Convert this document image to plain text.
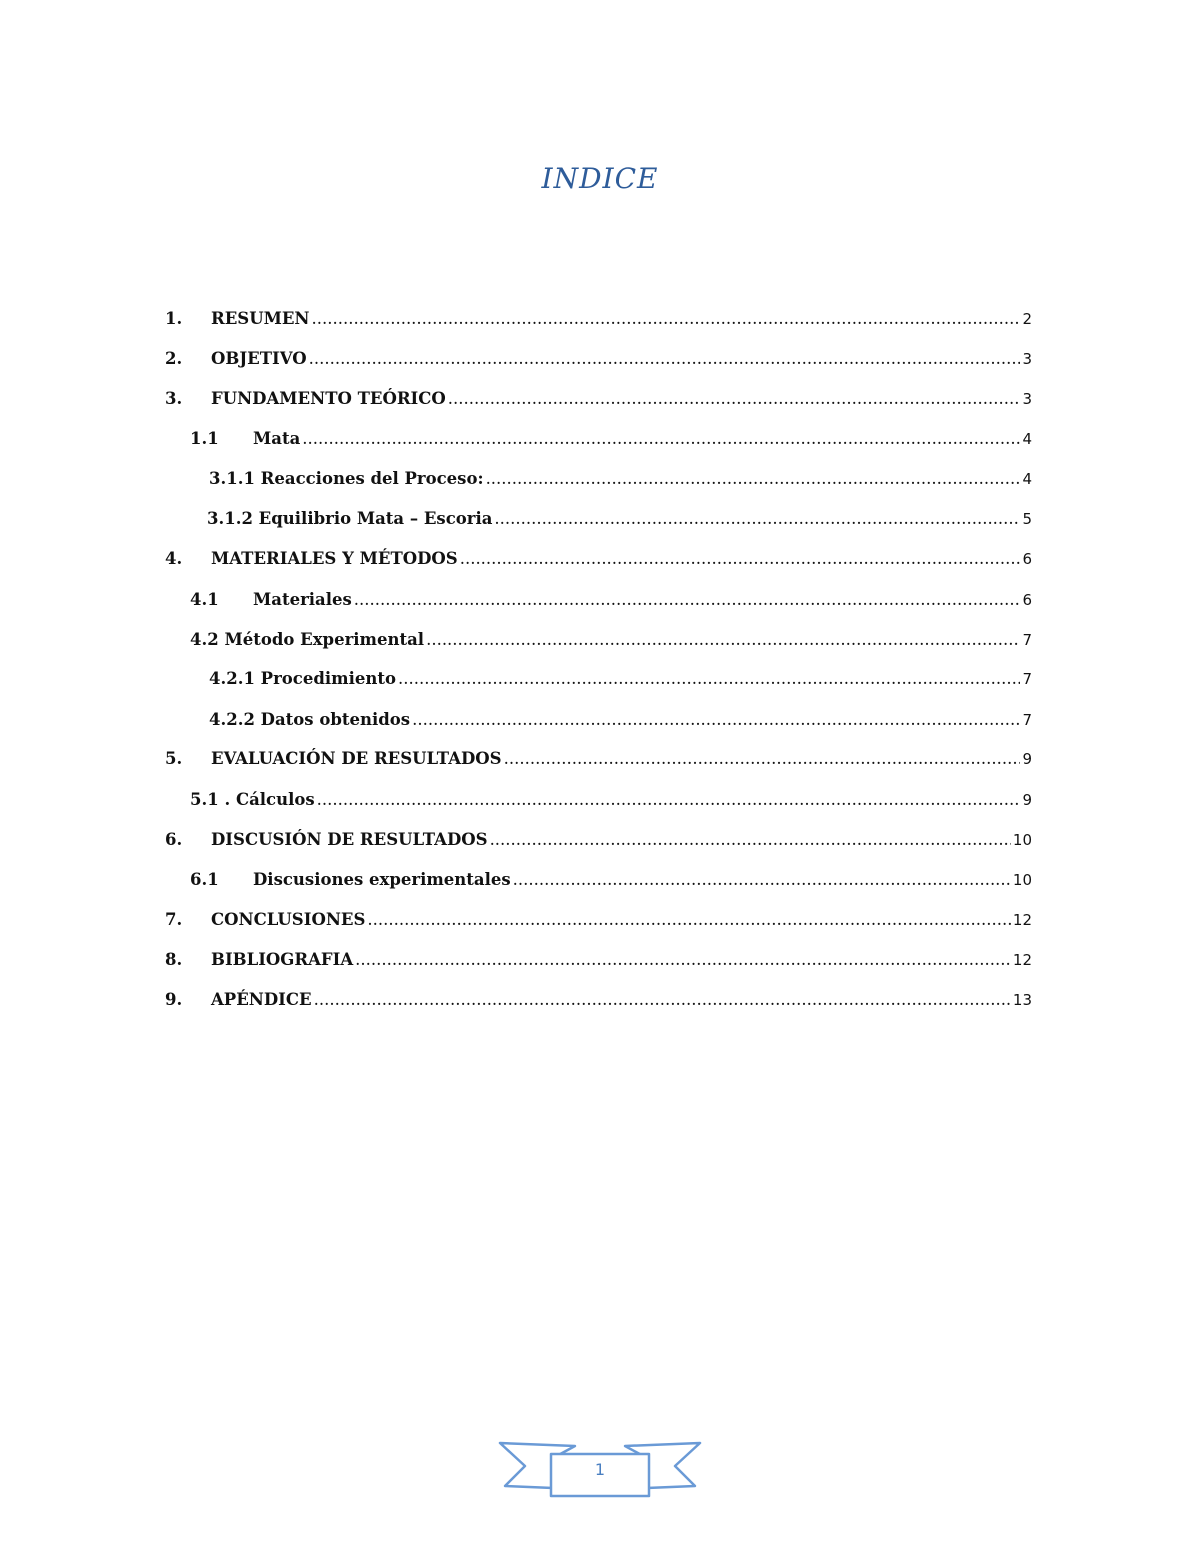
INDICE
1.	RESUMEN .....	2
2.	OBJETIVO .....	3
3.	FUNDAMENTO TEÓRICO .....	3
1.1	Mata .....	4
3.1.1 Reacciones del Proceso: .....	4
3.1.2 Equilibrio Mata – Escoria .....	5
4.	MATERIALES Y MÉTODOS .....	6
4.1	Materiales .....	6
4.2 Método Experimental .....	7
4.2.1 Procedimiento .....	7
4.2.2 Datos obtenidos .....	7
5.	EVALUACIÓN DE RESULTADOS .....	9
5.1 . Cálculos .....	9
6.	DISCUSIÓN DE RESULTADOS .....	10
6.1	Discusiones experimentales .....	10
7.	CONCLUSIONES .....	12
8.	BIBLIOGRAFIA .....	12
9.	APÉNDICE .....	13
1
